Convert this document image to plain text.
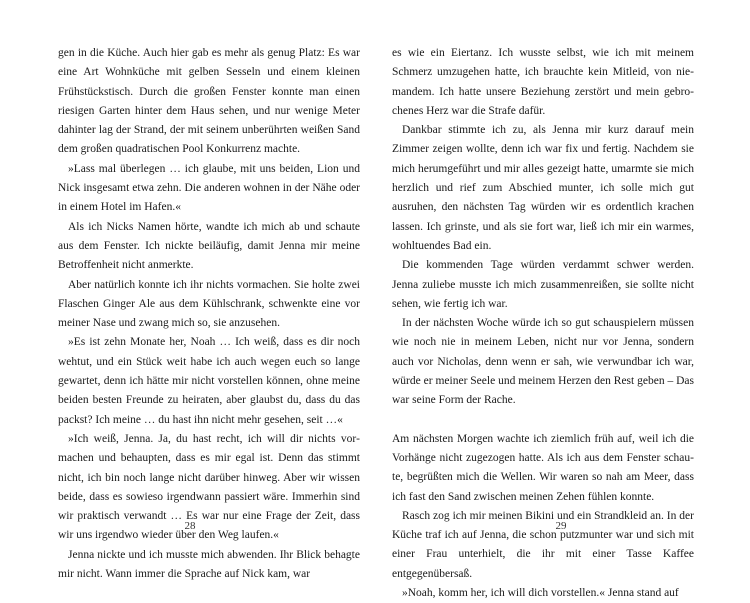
gen in die Küche. Auch hier gab es mehr als genug Platz: Es war eine Art Wohnküche mit gelben Sesseln und einem kleinen Frühstückstisch. Durch die großen Fenster konnte man einen riesigen Garten hinter dem Haus sehen, und nur wenige Meter dahinter lag der Strand, der mit seinem unberührten weißen Sand dem großen quadratischen Pool Konkurrenz machte.

»Lass mal überlegen … ich glaube, mit uns beiden, Lion und Nick insgesamt etwa zehn. Die anderen wohnen in der Nähe oder in einem Hotel im Hafen.«

Als ich Nicks Namen hörte, wandte ich mich ab und schaute aus dem Fenster. Ich nickte beiläufig, damit Jenna mir meine Betroffenheit nicht anmerkte.

Aber natürlich konnte ich ihr nichts vormachen. Sie holte zwei Flaschen Ginger Ale aus dem Kühlschrank, schwenkte eine vor meiner Nase und zwang mich so, sie anzusehen.

»Es ist zehn Monate her, Noah … Ich weiß, dass es dir noch wehtut, und ein Stück weit habe ich auch wegen euch so lange gewartet, denn ich hätte mir nicht vorstellen können, ohne meine beiden besten Freunde zu heiraten, aber glaubst du, dass du das packst? Ich meine … du hast ihn nicht mehr gesehen, seit …«

»Ich weiß, Jenna. Ja, du hast recht, ich will dir nichts vormachen und behaupten, dass es mir egal ist. Denn das stimmt nicht, ich bin noch lange nicht darüber hinweg. Aber wir wissen beide, dass es sowieso irgendwann passiert wäre. Immerhin sind wir praktisch verwandt … Es war nur eine Frage der Zeit, dass wir uns irgendwo wieder über den Weg laufen.«

Jenna nickte und ich musste mich abwenden. Ihr Blick behagte mir nicht. Wann immer die Sprache auf Nick kam, war

28

es wie ein Eiertanz. Ich wusste selbst, wie ich mit meinem Schmerz umzugehen hatte, ich brauchte kein Mitleid, von niemandem. Ich hatte unsere Beziehung zerstört und mein gebrochenes Herz war die Strafe dafür.

Dankbar stimmte ich zu, als Jenna mir kurz darauf mein Zimmer zeigen wollte, denn ich war fix und fertig. Nachdem sie mich herumgeführt und mir alles gezeigt hatte, umarmte sie mich herzlich und rief zum Abschied munter, ich solle mich gut ausruhen, den nächsten Tag würden wir es ordentlich krachen lassen. Ich grinste, und als sie fort war, ließ ich mir ein warmes, wohltuendes Bad ein.

Die kommenden Tage würden verdammt schwer werden. Jenna zuliebe musste ich mich zusammenreißen, sie sollte nicht sehen, wie fertig ich war.

In der nächsten Woche würde ich so gut schauspielern müssen wie noch nie in meinem Leben, nicht nur vor Jenna, sondern auch vor Nicholas, denn wenn er sah, wie verwundbar ich war, würde er meiner Seele und meinem Herzen den Rest geben – Das war seine Form der Rache.

Am nächsten Morgen wachte ich ziemlich früh auf, weil ich die Vorhänge nicht zugezogen hatte. Als ich aus dem Fenster schaute, begrüßten mich die Wellen. Wir waren so nah am Meer, dass ich fast den Sand zwischen meinen Zehen fühlen konnte.

Rasch zog ich mir meinen Bikini und ein Strandkleid an. In der Küche traf ich auf Jenna, die schon putzmunter war und sich mit einer Frau unterhielt, die ihr mit einer Tasse Kaffee entgegenübersaß.

»Noah, komm her, ich will dich vorstellen.« Jenna stand auf

29
